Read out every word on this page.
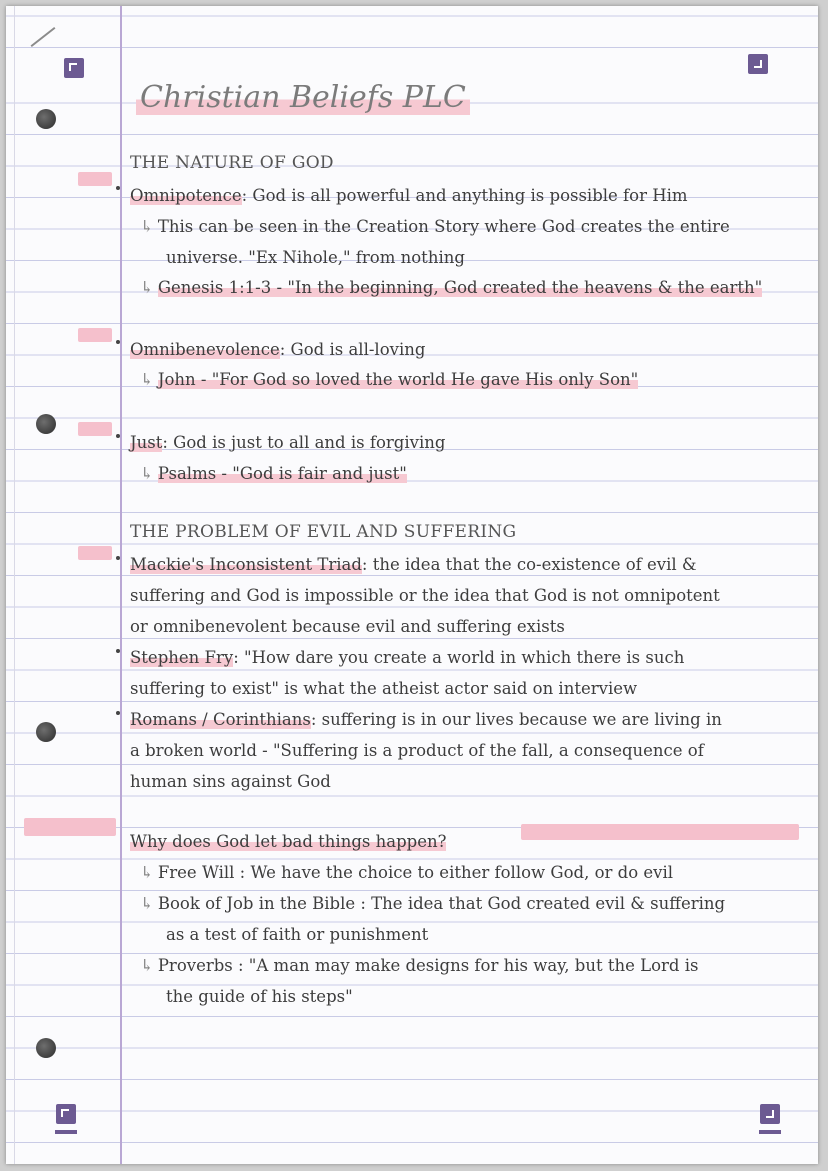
Christian Beliefs PLC
THE NATURE OF GOD
Omnipotence: God is all powerful and anything is possible for Him
↳ This can be seen in the Creation Story where God creates the entire
universe. "Ex Nihole," from nothing
↳ Genesis 1:1-3 - "In the beginning, God created the heavens & the earth"
Omnibenevolence: God is all-loving
↳ John - "For God so loved the world He gave His only Son"
Just: God is just to all and is forgiving
↳ Psalms - "God is fair and just"
THE PROBLEM OF EVIL AND SUFFERING
Mackie's Inconsistent Triad: the idea that the co-existence of evil &
suffering and God is impossible or the idea that God is not omnipotent
or omnibenevolent because evil and suffering exists
Stephen Fry: "How dare you create a world in which there is such
suffering to exist" is what the atheist actor said on interview
Romans / Corinthians: suffering is in our lives because we are living in
a broken world - "Suffering is a product of the fall, a consequence of
human sins against God
Why does God let bad things happen?
↳ Free Will : We have the choice to either follow God, or do evil
↳ Book of Job in the Bible : The idea that God created evil & suffering
as a test of faith or punishment
↳ Proverbs : "A man may make designs for his way, but the Lord is
the guide of his steps"
